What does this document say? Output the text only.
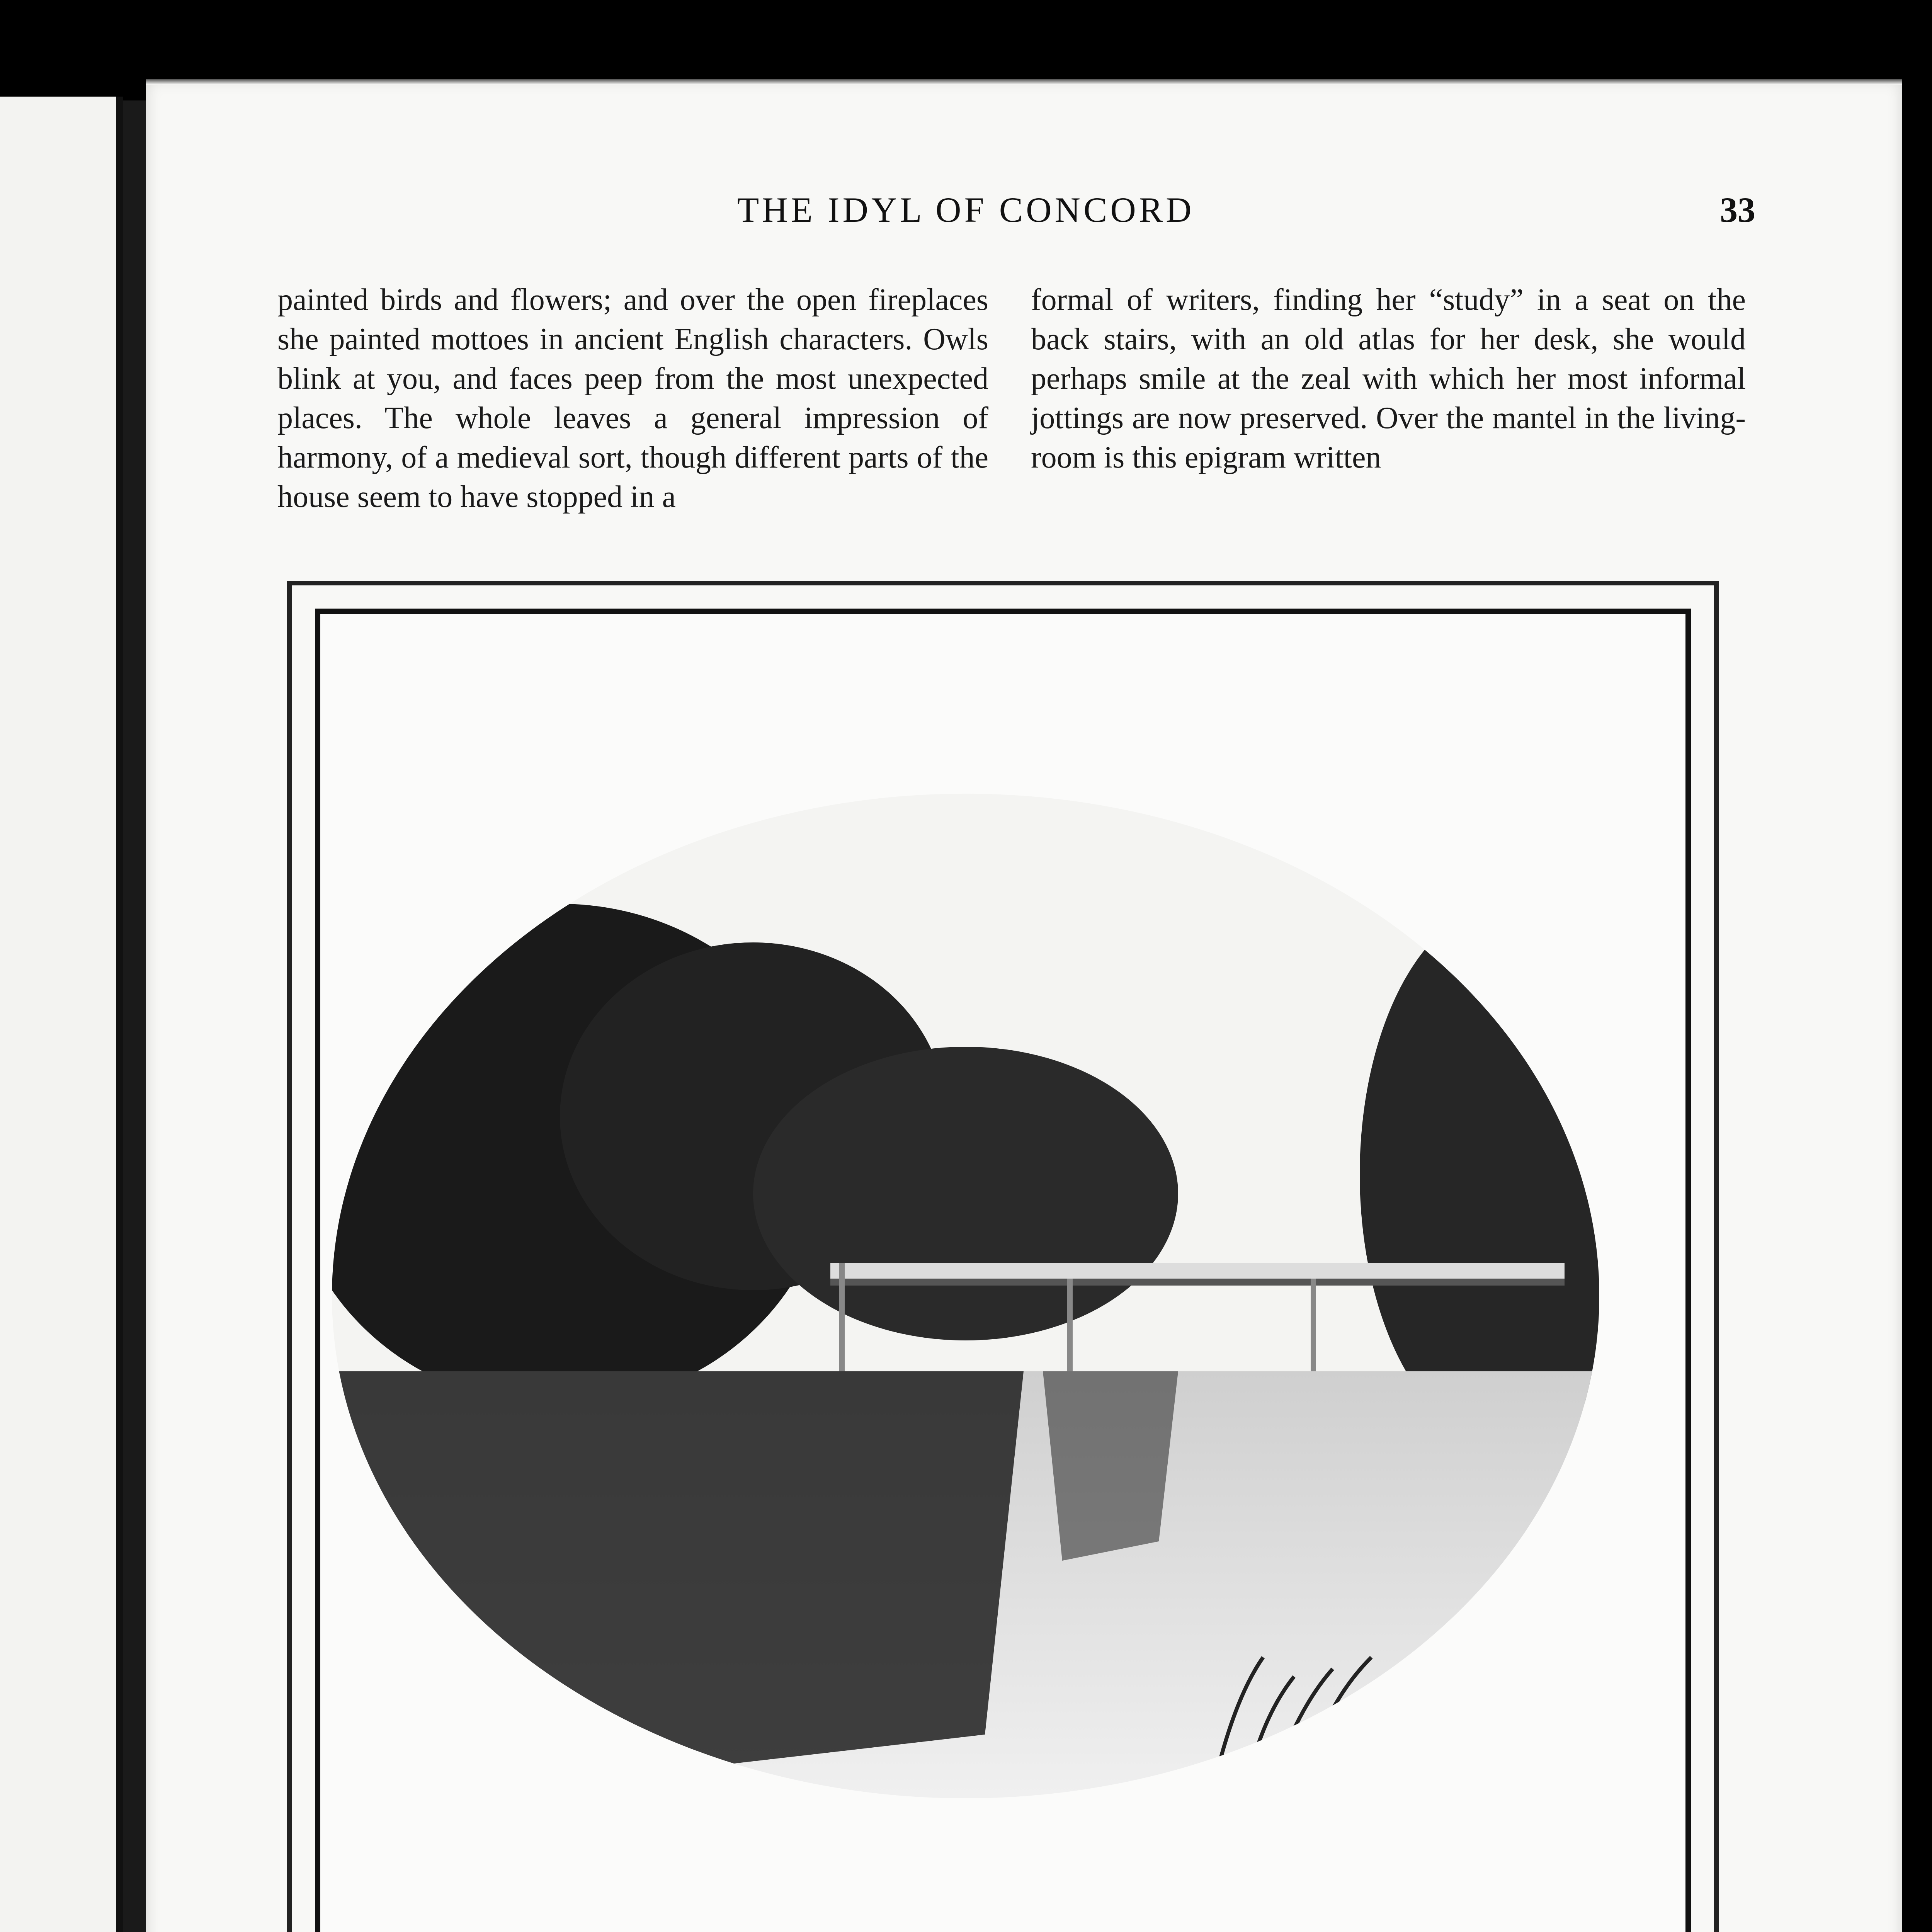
THE IDYL OF CONCORD	33

painted birds and flowers; and over the open fireplaces she painted mottoes in ancient English characters. Owls blink at you, and faces peep from the most unexpected places. The whole leaves a general impression of harmony, of a medieval sort, though different parts of the house seem to have stopped in a

formal of writers, finding her “study” in a seat on the back stairs, with an old atlas for her desk, she would perhaps smile at the zeal with which her most informal jottings are now preserved. Over the mantel in the living-room is this epigram written
